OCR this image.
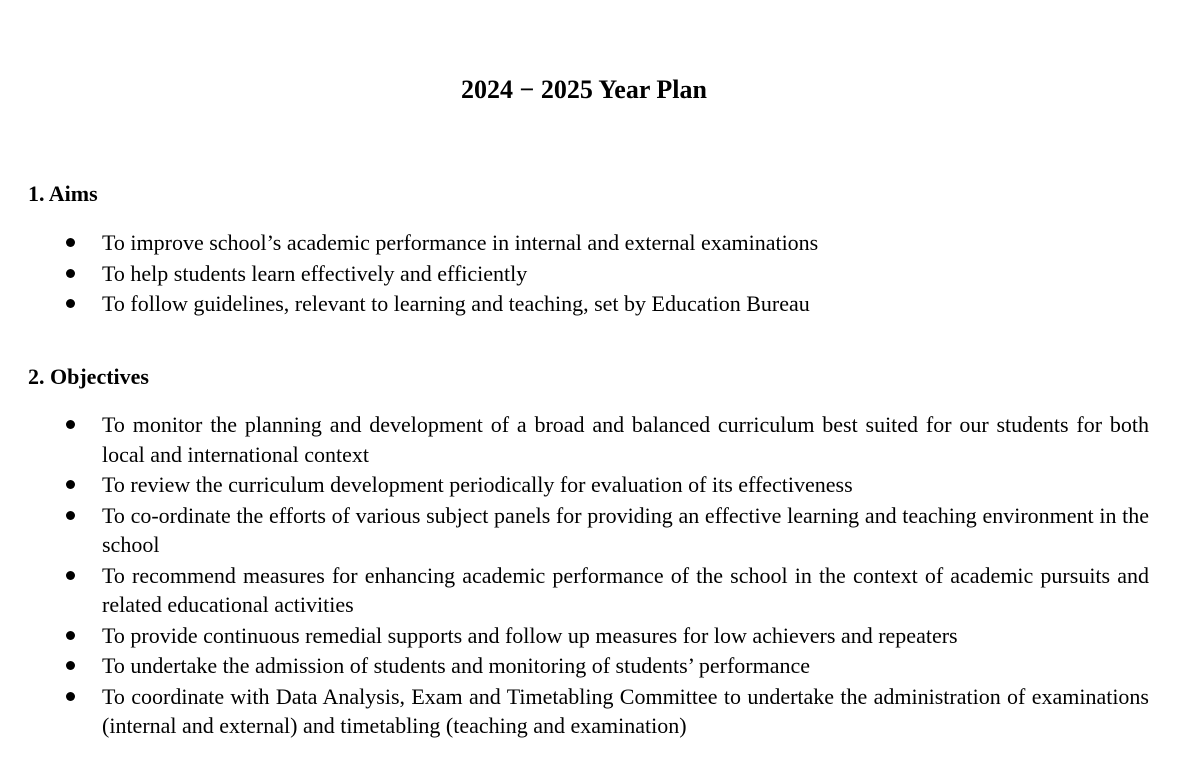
2024 − 2025 Year Plan
1. Aims
To improve school’s academic performance in internal and external examinations
To help students learn effectively and efficiently
To follow guidelines, relevant to learning and teaching, set by Education Bureau
2. Objectives
To monitor the planning and development of a broad and balanced curriculum best suited for our students for both local and international context
To review the curriculum development periodically for evaluation of its effectiveness
To co-ordinate the efforts of various subject panels for providing an effective learning and teaching environment in the school
To recommend measures for enhancing academic performance of the school in the context of academic pursuits and related educational activities
To provide continuous remedial supports and follow up measures for low achievers and repeaters
To undertake the admission of students and monitoring of students’ performance
To coordinate with Data Analysis, Exam and Timetabling Committee to undertake the administration of examinations (internal and external) and timetabling (teaching and examination)
